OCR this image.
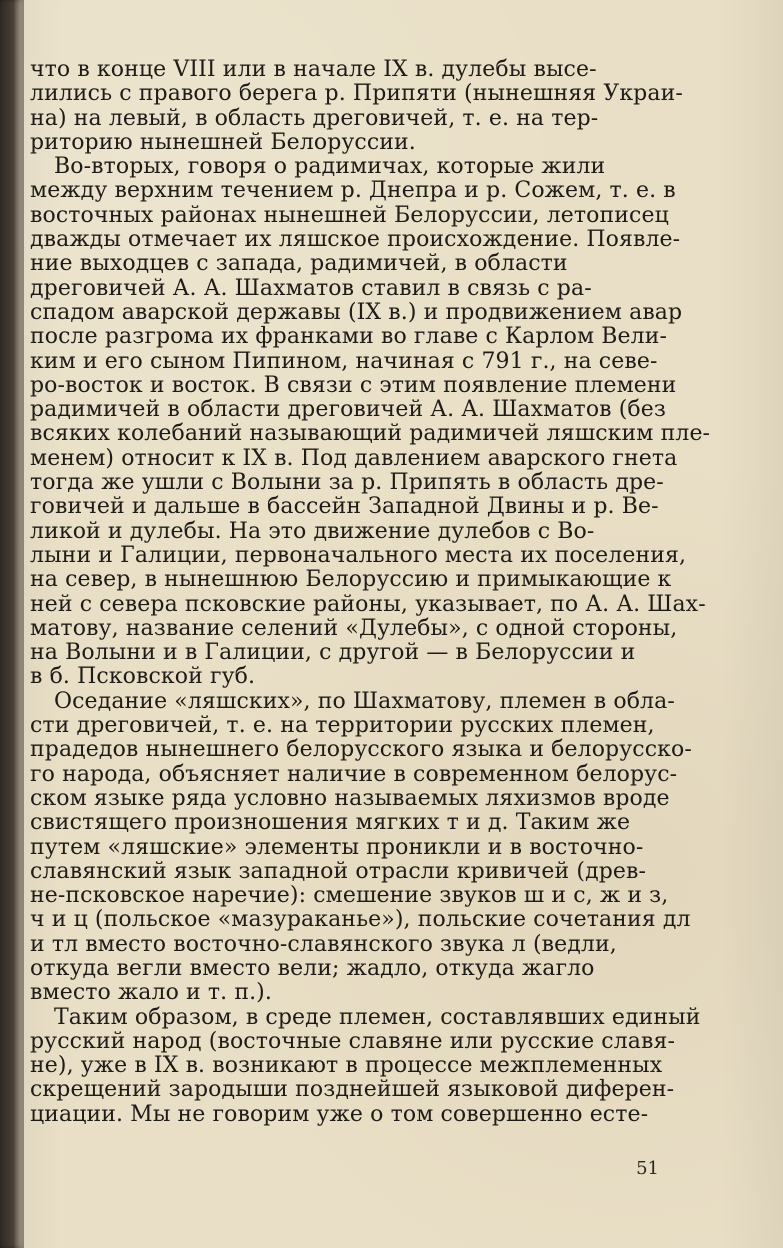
что в конце VIII или в начале IX в. дулебы высе-
лились с правого берега р. Припяти (нынешняя Украи-
на) на левый, в область дреговичей, т. е. на тер-
риторию нынешней Белоруссии.
Во-вторых, говоря о радимичах, которые жили
между верхним течением р. Днепра и р. Сожем, т. е. в
восточных районах нынешней Белоруссии, летописец
дважды отмечает их ляшское происхождение. Появле-
ние выходцев с запада, радимичей, в области
дреговичей А. А. Шахматов ставил в связь с ра-
спадом аварской державы (IX в.) и продвижением авар
после разгрома их франками во главе с Карлом Вели-
ким и его сыном Пипином, начиная с 791 г., на севе-
ро-восток и восток. В связи с этим появление племени
радимичей в области дреговичей А. А. Шахматов (без
всяких колебаний называющий радимичей ляшским пле-
менем) относит к IX в. Под давлением аварского гнета
тогда же ушли с Волыни за р. Припять в область дре-
говичей и дальше в бассейн Западной Двины и р. Ве-
ликой и дулебы. На это движение дулебов с Во-
лыни и Галиции, первоначального места их поселения,
на север, в нынешнюю Белоруссию и примыкающие к
ней с севера псковские районы, указывает, по А. А. Шах-
матову, название селений «Дулебы», с одной стороны,
на Волыни и в Галиции, с другой — в Белоруссии и
в б. Псковской губ.
Оседание «ляшских», по Шахматову, племен в обла-
сти дреговичей, т. е. на территории русских племен,
прадедов нынешнего белорусского языка и белорусско-
го народа, объясняет наличие в современном белорус-
ском языке ряда условно называемых ляхизмов вроде
свистящего произношения мягких т и д. Таким же
путем «ляшские» элементы проникли и в восточно-
славянский язык западной отрасли кривичей (древ-
не-псковское наречие): смешение звуков ш и с, ж и з,
ч и ц (польское «мазураканье»), польские сочетания дл
и тл вместо восточно-славянского звука л (ведли,
откуда вегли вместо вели; жадло, откуда жагло
вместо жало и т. п.).
Таким образом, в среде племен, составлявших единый
русский народ (восточные славяне или русские славя-
не), уже в IX в. возникают в процессе межплеменных
скрещений зародыши позднейшей языковой диферен-
циации. Мы не говорим уже о том совершенно есте-
51
